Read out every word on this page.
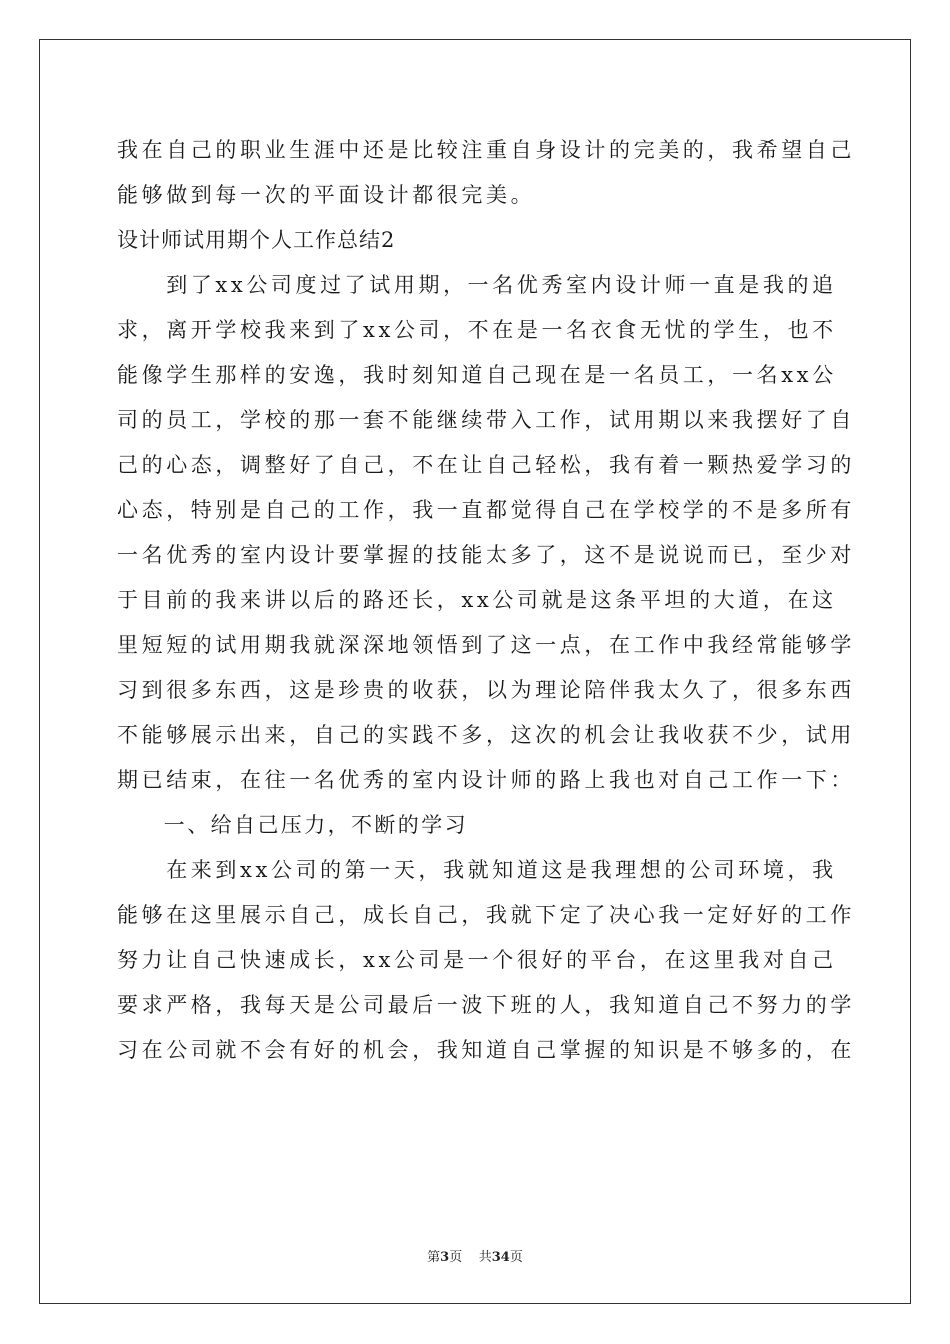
我在自己的职业生涯中还是比较注重自身设计的完美的，我希望自己
能够做到每一次的平面设计都很完美。
设计师试用期个人工作总结2
　　到了xx公司度过了试用期，一名优秀室内设计师一直是我的追
求，离开学校我来到了xx公司，不在是一名衣食无忧的学生，也不
能像学生那样的安逸，我时刻知道自己现在是一名员工，一名xx公
司的员工，学校的那一套不能继续带入工作，试用期以来我摆好了自
己的心态，调整好了自己，不在让自己轻松，我有着一颗热爱学习的
心态，特别是自己的工作，我一直都觉得自己在学校学的不是多所有
一名优秀的室内设计要掌握的技能太多了，这不是说说而已，至少对
于目前的我来讲以后的路还长，xx公司就是这条平坦的大道，在这
里短短的试用期我就深深地领悟到了这一点，在工作中我经常能够学
习到很多东西，这是珍贵的收获，以为理论陪伴我太久了，很多东西
不能够展示出来，自己的实践不多，这次的机会让我收获不少，试用
期已结束，在往一名优秀的室内设计师的路上我也对自己工作一下：
　　一、给自己压力，不断的学习
　　在来到xx公司的第一天，我就知道这是我理想的公司环境，我
能够在这里展示自己，成长自己，我就下定了决心我一定好好的工作
努力让自己快速成长，xx公司是一个很好的平台，在这里我对自己
要求严格，我每天是公司最后一波下班的人，我知道自己不努力的学
习在公司就不会有好的机会，我知道自己掌握的知识是不够多的，在
第3页 共34页
